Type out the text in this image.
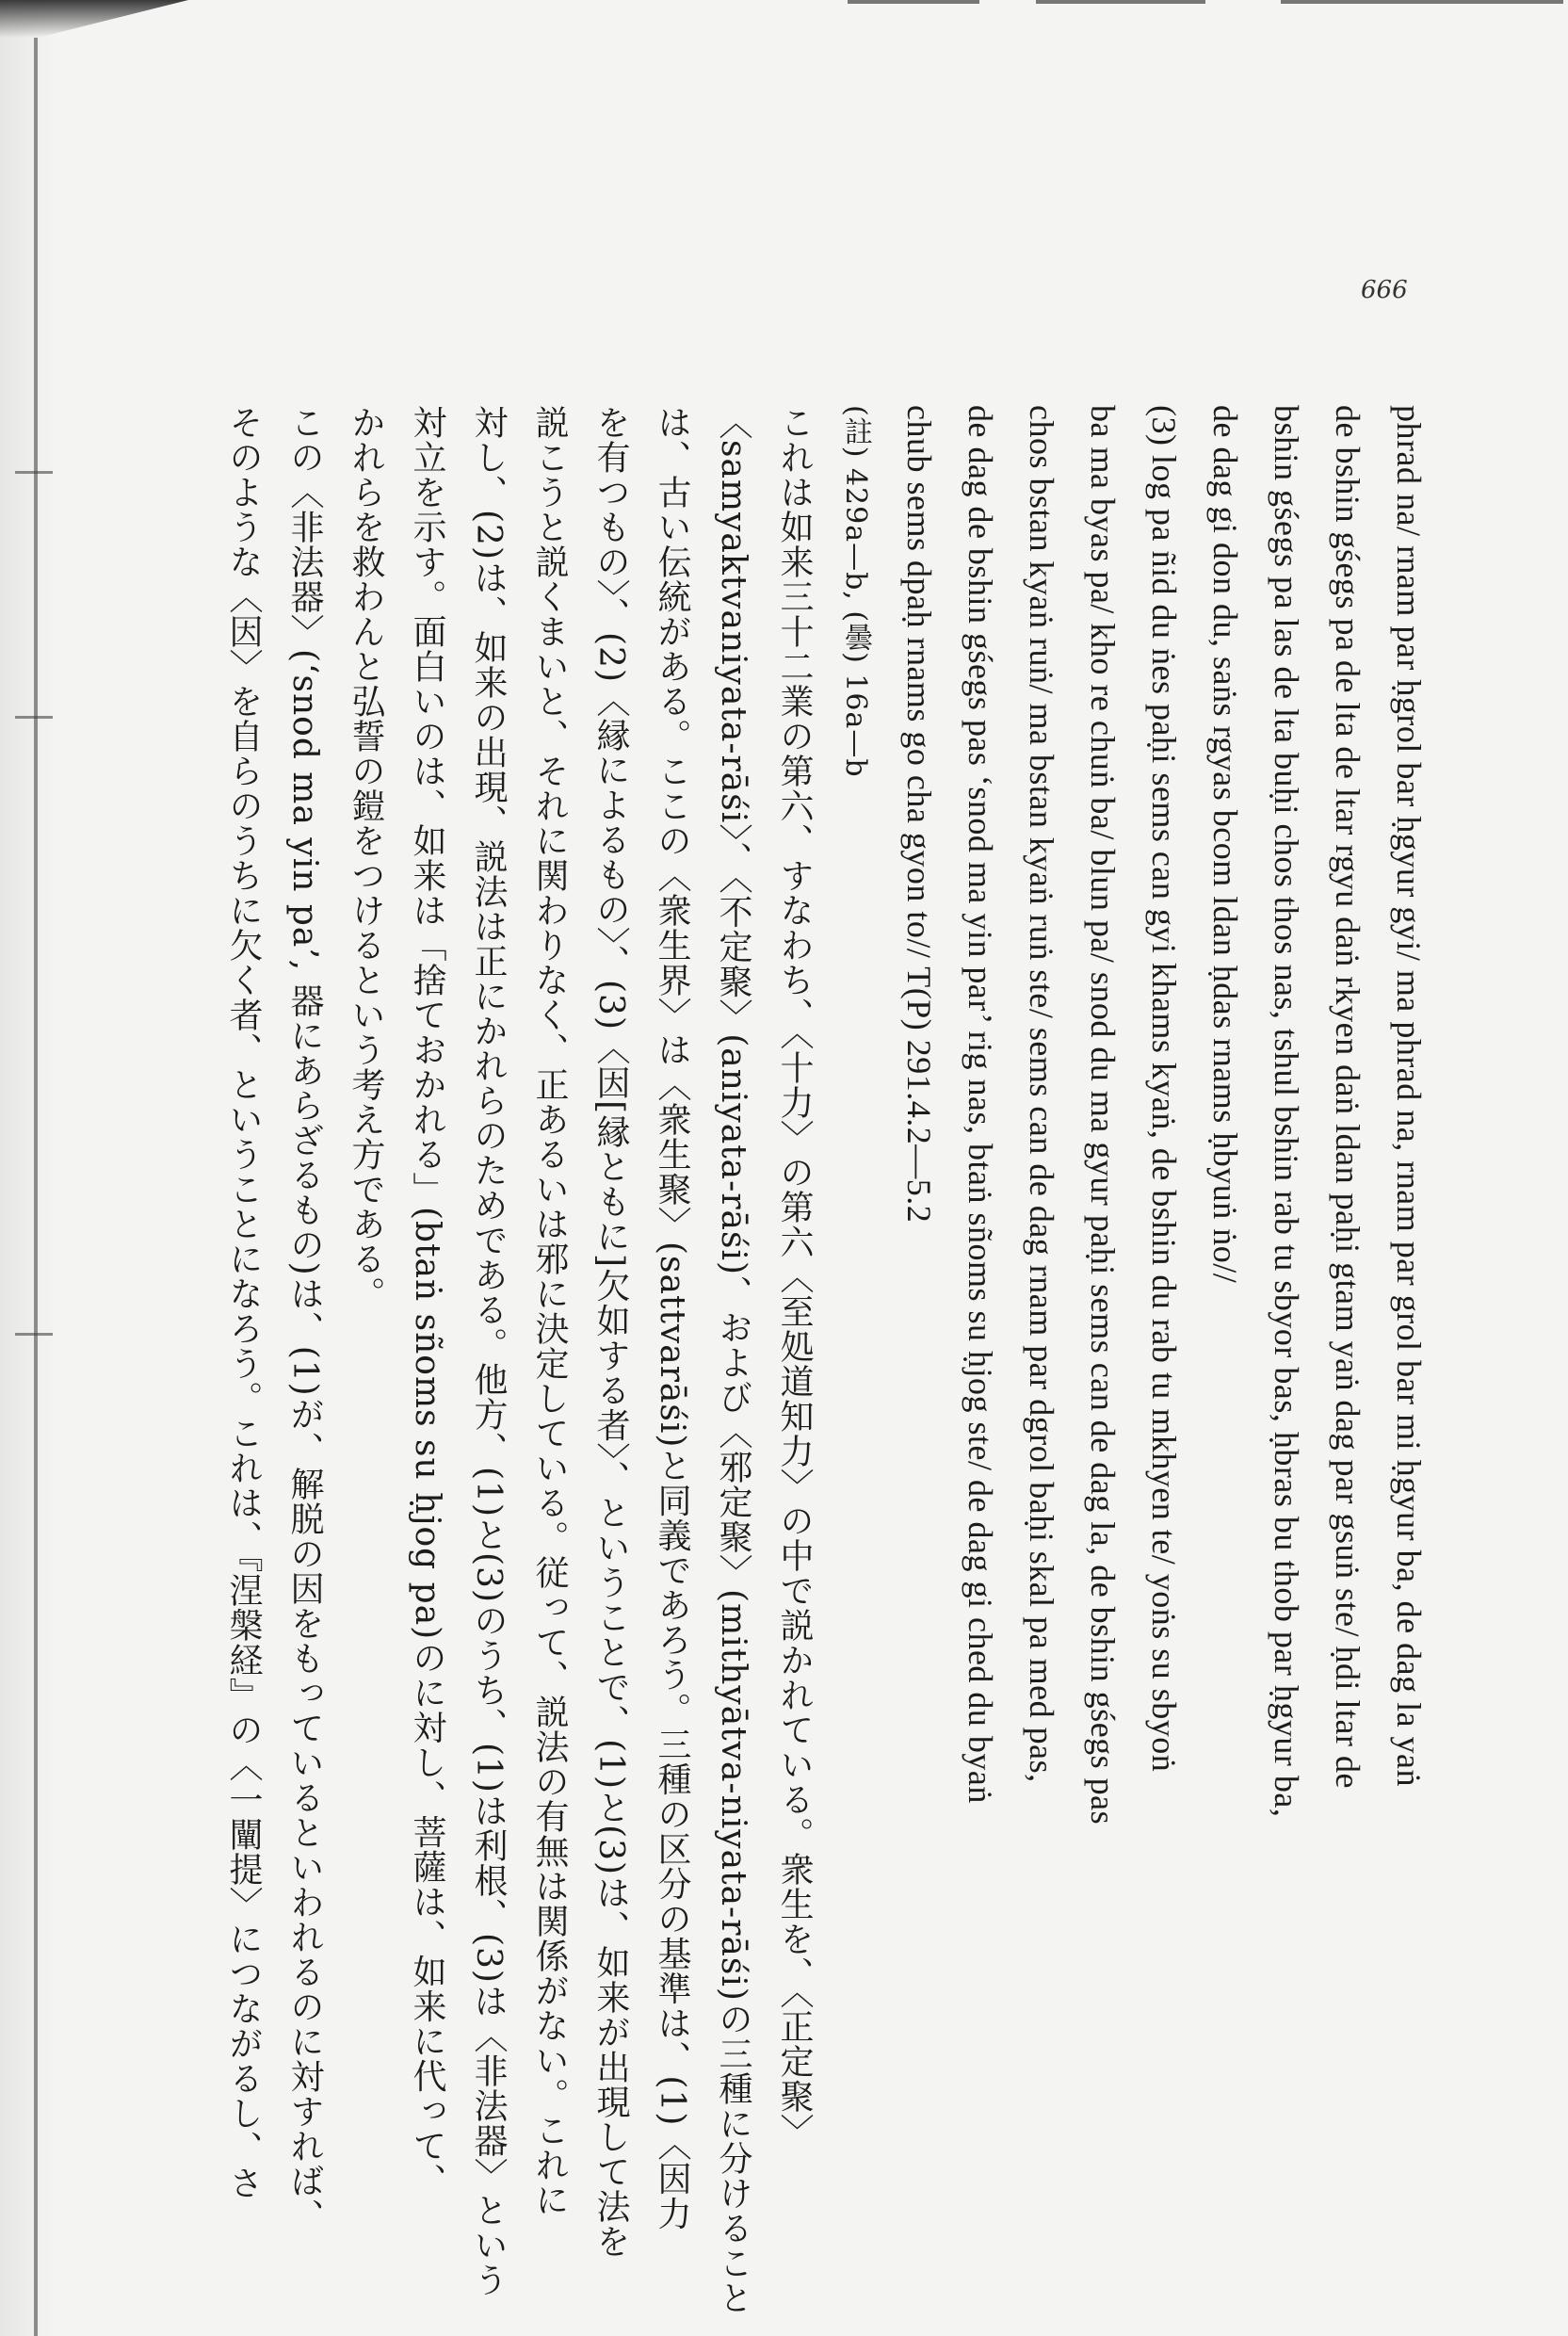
666
phrad na/ rnam par ḥgrol bar ḥgyur gyi/ ma phrad na, rnam par grol bar mi ḥgyur ba, de dag la yaṅ
de bshin gśegs pa de lta de ltar rgyu daṅ rkyen daṅ ldan paḥi gtam yaṅ dag par gsuṅ ste/ ḥdi ltar de
bshin gśegs pa las de lta buḥi chos thos nas, tshul bshin rab tu sbyor bas, ḥbras bu thob par ḥgyur ba,
de dag gi don du, saṅs rgyas bcom ldan ḥdas rnams ḥbyuṅ ṅo//
(3) log pa ñid du ṅes paḥi sems can gyi khams kyaṅ, de bshin du rab tu mkhyen te/ yoṅs su sbyoṅ
ba ma byas pa/ kho re chuṅ ba/ blun pa/ snod du ma gyur paḥi sems can de dag la, de bshin gśegs pas
chos bstan kyaṅ ruṅ/ ma bstan kyaṅ ruṅ ste/ sems can de dag rnam par dgrol baḥi skal pa med pas,
de dag de bshin gśegs pas ‘snod ma yin par’ rig nas, btaṅ sñoms su ḥjog ste/ de dag gi ched du byaṅ
chub sems dpaḥ rnams go cha gyon to// T(P) 291.4.2—5.2
(註) 429a—b, (曇) 16a—b
これは如来三十二業の第六、すなわち、〈十力〉の第六〈至処道知力〉の中で説かれている。衆生を、〈正定聚〉
〈samyaktvaniyata-rāśi〉、〈不定聚〉(aniyata-rāśi)、および〈邪定聚〉(mithyātva-niyata-rāśi)の三種に分けること
は、古い伝統がある。ここの〈衆生界〉は〈衆生聚〉(sattvarāśi)と同義であろう。三種の区分の基準は、(1)〈因力
を有つもの〉、(2)〈縁によるもの〉、(3)〈因[縁ともに]欠如する者〉、ということで、(1)と(3)は、如来が出現して法を
説こうと説くまいと、それに関わりなく、正あるいは邪に決定している。従って、説法の有無は関係がない。これに
対し、(2)は、如来の出現、説法は正にかれらのためである。他方、(1)と(3)のうち、(1)は利根、(3)は〈非法器〉という
対立を示す。面白いのは、如来は「捨ておかれる」(btaṅ sñoms su ḥjog pa)のに対し、菩薩は、如来に代って、
かれらを救わんと弘誓の鎧をつけるという考え方である。
この〈非法器〉(‘snod ma yin pa’, 器にあらざるもの)は、(1)が、解脱の因をもっているといわれるのに対すれば、
そのような〈因〉を自らのうちに欠く者、ということになろう。これは、『涅槃経』の〈一闡提〉につながるし、さ
